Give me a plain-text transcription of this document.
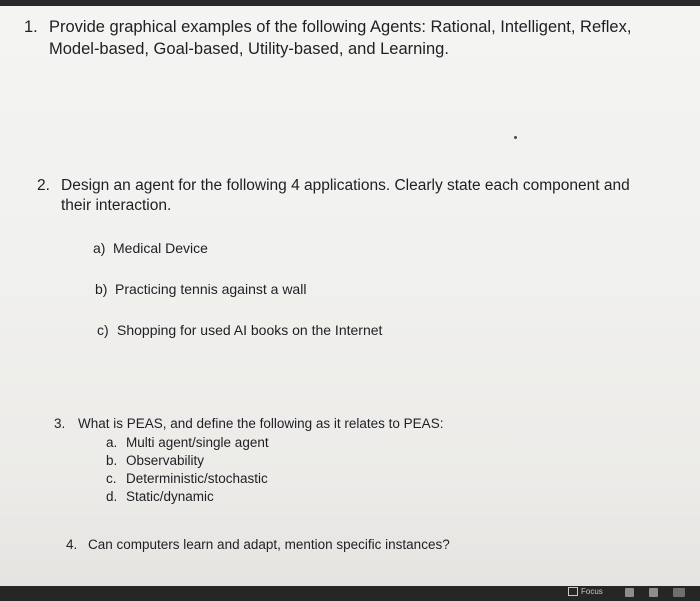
1. Provide graphical examples of the following Agents: Rational, Intelligent, Reflex, Model-based, Goal-based, Utility-based, and Learning.
2. Design an agent for the following 4 applications. Clearly state each component and their interaction.
a) Medical Device
b) Practicing tennis against a wall
c) Shopping for used AI books on the Internet
3. What is PEAS, and define the following as it relates to PEAS:
a. Multi agent/single agent
b. Observability
c. Deterministic/stochastic
d. Static/dynamic
4. Can computers learn and adapt, mention specific instances?
Focus
